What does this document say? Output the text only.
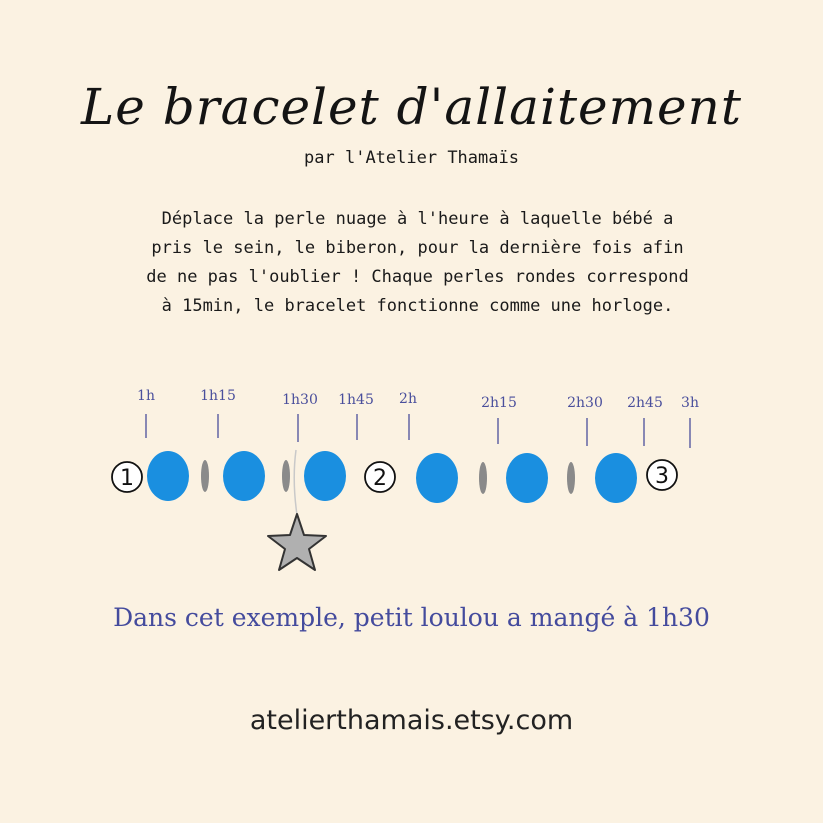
Le bracelet d'allaitement
par l'Atelier Thamaïs

Déplace la perle nuage à l'heure à laquelle bébé a
pris le sein, le biberon, pour la dernière fois afin
de ne pas l'oublier ! Chaque perles rondes correspond
à 15min, le bracelet fonctionne comme une horloge.

1h	1h15	1h30 1h45 2h	2h15	2h30 2h45 3h
1	2	3
Dans cet exemple, petit loulou a mangé à 1h30
atelierthamais.etsy.com
